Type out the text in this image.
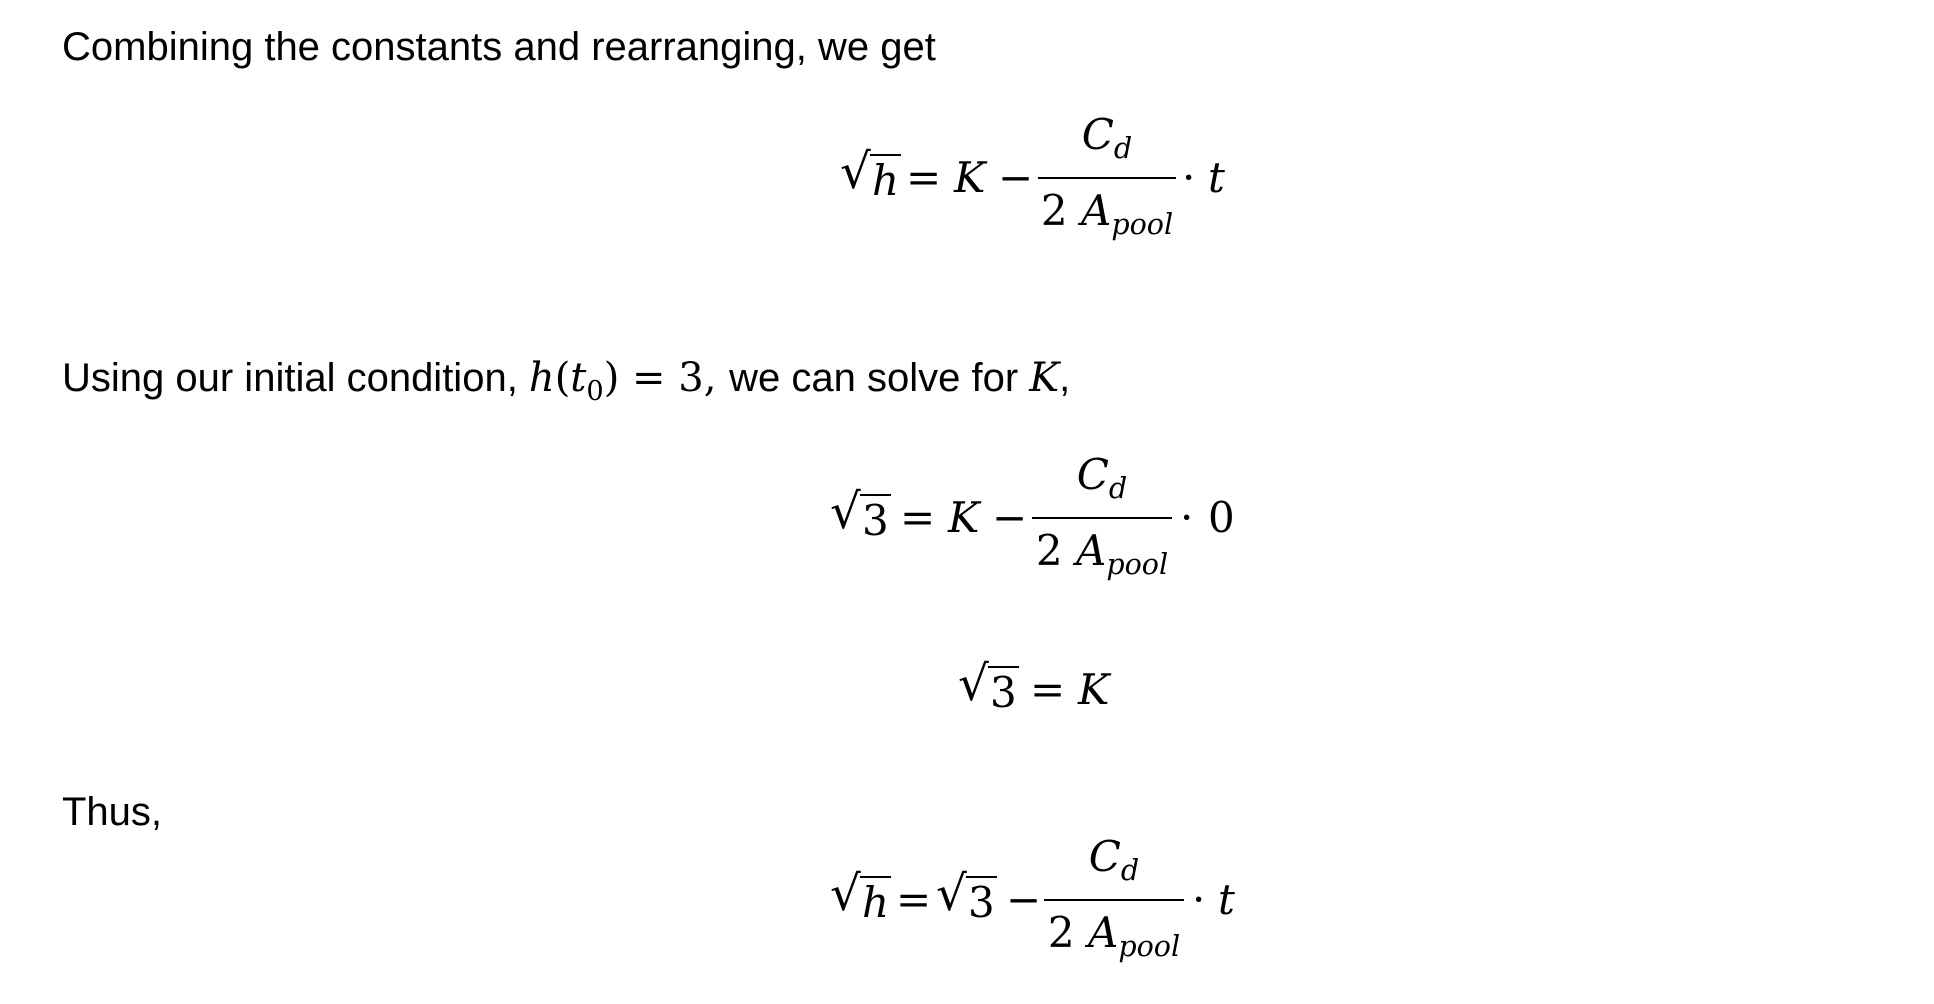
Combining the constants and rearranging, we get
√ h = K −
$C_d$
2 $A_{pool}$
· t
Using our initial condition, $h(t_0) = 3$, we can solve for K,
√ 3 = K −
$C_d$
2 $A_{pool}$
· 0
√ 3 = K
Thus,
√ h = √ 3 −
$C_d$
2 $A_{pool}$
· t
